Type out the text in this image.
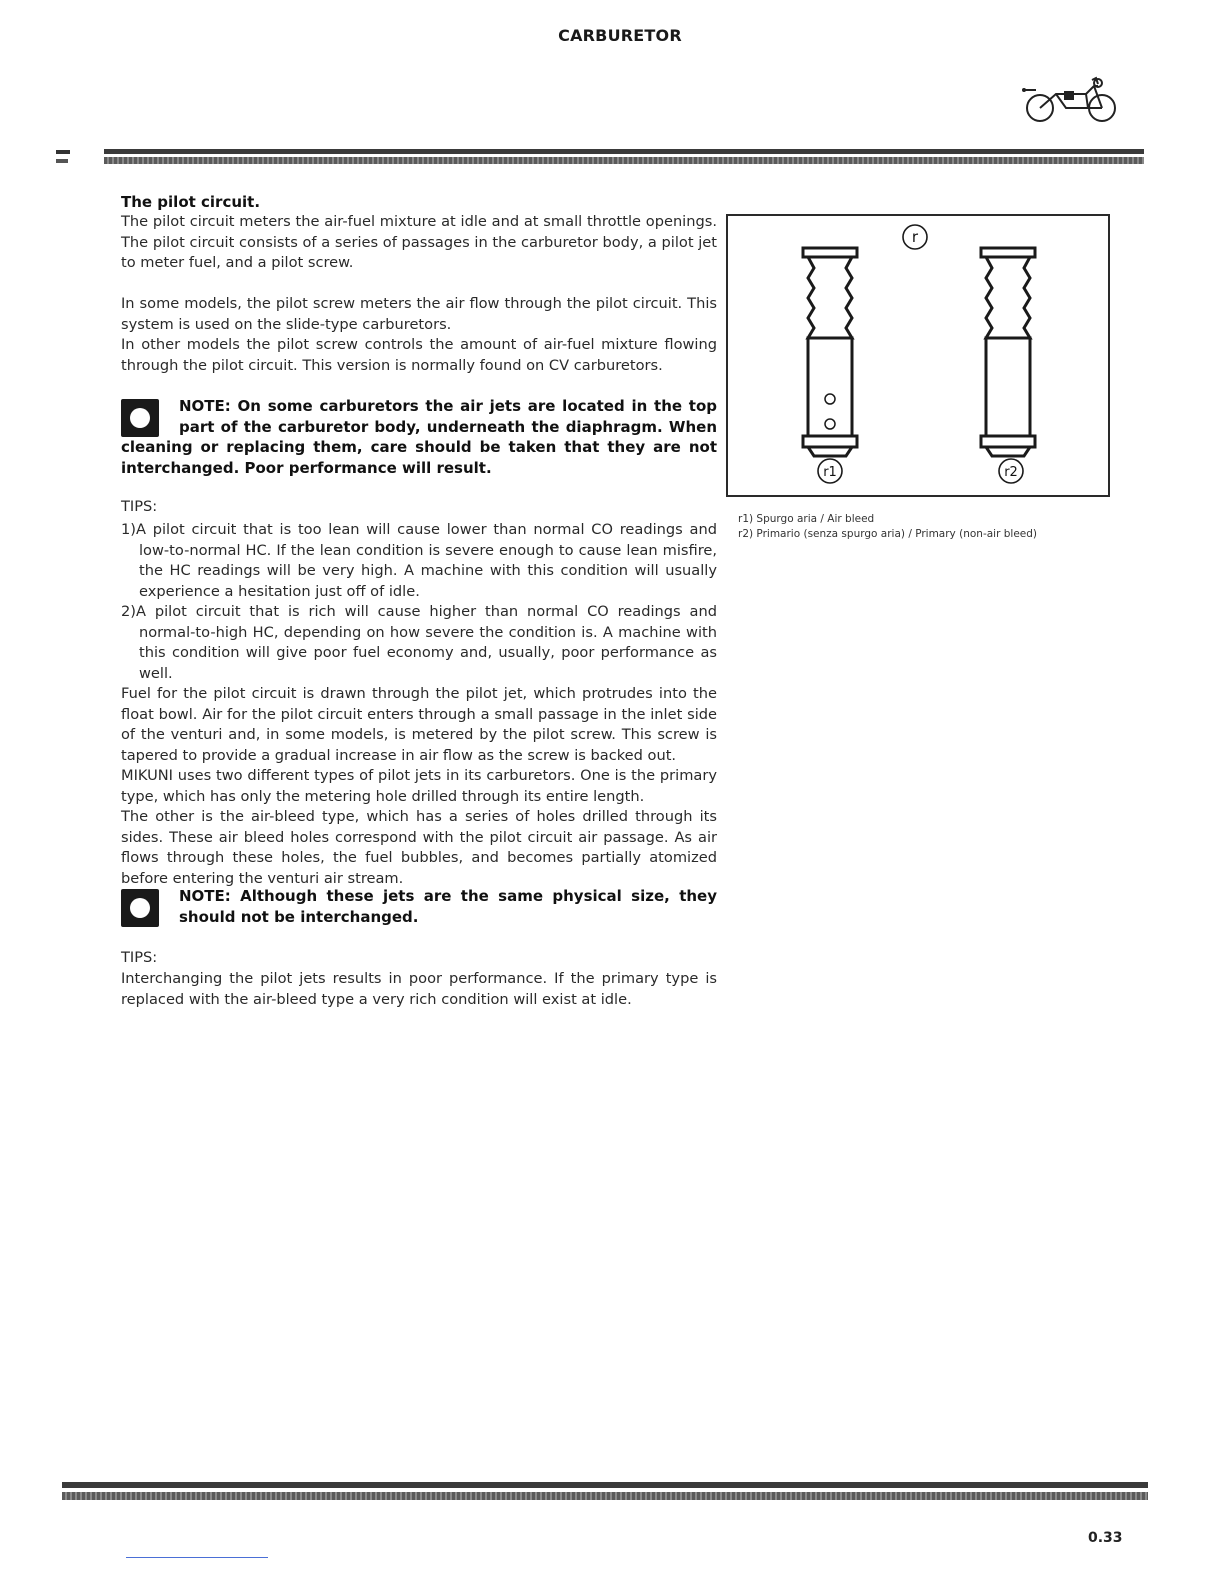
CARBURETOR
The pilot circuit.

The pilot circuit meters the air-fuel mixture at idle and at small throttle openings. The pilot circuit consists of a series of passages in the carburetor body, a pilot jet to meter fuel, and a pilot screw.

In some models, the pilot screw meters the air flow through the pilot circuit. This system is used on the slide-type carburetors.

In other models the pilot screw controls the amount of air-fuel mixture flowing through the pilot circuit. This version is normally found on CV carburetors.

NOTE: On some carburetors the air jets are located in the top part of the carburetor body, underneath the diaphragm. When cleaning or replacing them, care should be taken that they are not interchanged. Poor performance will result.
TIPS:

1)A pilot circuit that is too lean will cause lower than normal CO readings and low-to-normal HC. If the lean condition is severe enough to cause lean misfire, the HC readings will be very high. A machine with this condition will usually experience a hesitation just off of idle.

2)A pilot circuit that is rich will cause higher than normal CO readings and normal-to-high HC, depending on how severe the condition is. A machine with this condition will give poor fuel economy and, usually, poor performance as well.

Fuel for the pilot circuit is drawn through the pilot jet, which protrudes into the float bowl. Air for the pilot circuit enters through a small passage in the inlet side of the venturi and, in some models, is metered by the pilot screw. This screw is tapered to provide a gradual increase in air flow as the screw is backed out.

MIKUNI uses two different types of pilot jets in its carburetors. One is the primary type, which has only the metering hole drilled through its entire length.

The other is the air-bleed type, which has a series of holes drilled through its sides. These air bleed holes correspond with the pilot circuit air passage. As air flows through these holes, the fuel bubbles, and becomes partially atomized before entering the venturi air stream.

NOTE: Although these jets are the same physical size, they should not be interchanged.
TIPS:

Interchanging the pilot jets results in poor performance. If the primary type is replaced with the air-bleed type a very rich condition will exist at idle.

r
r1	r2
r1) Spurgo aria / Air bleed
r2) Primario (senza spurgo aria) / Primary (non-air bleed)
0.33
